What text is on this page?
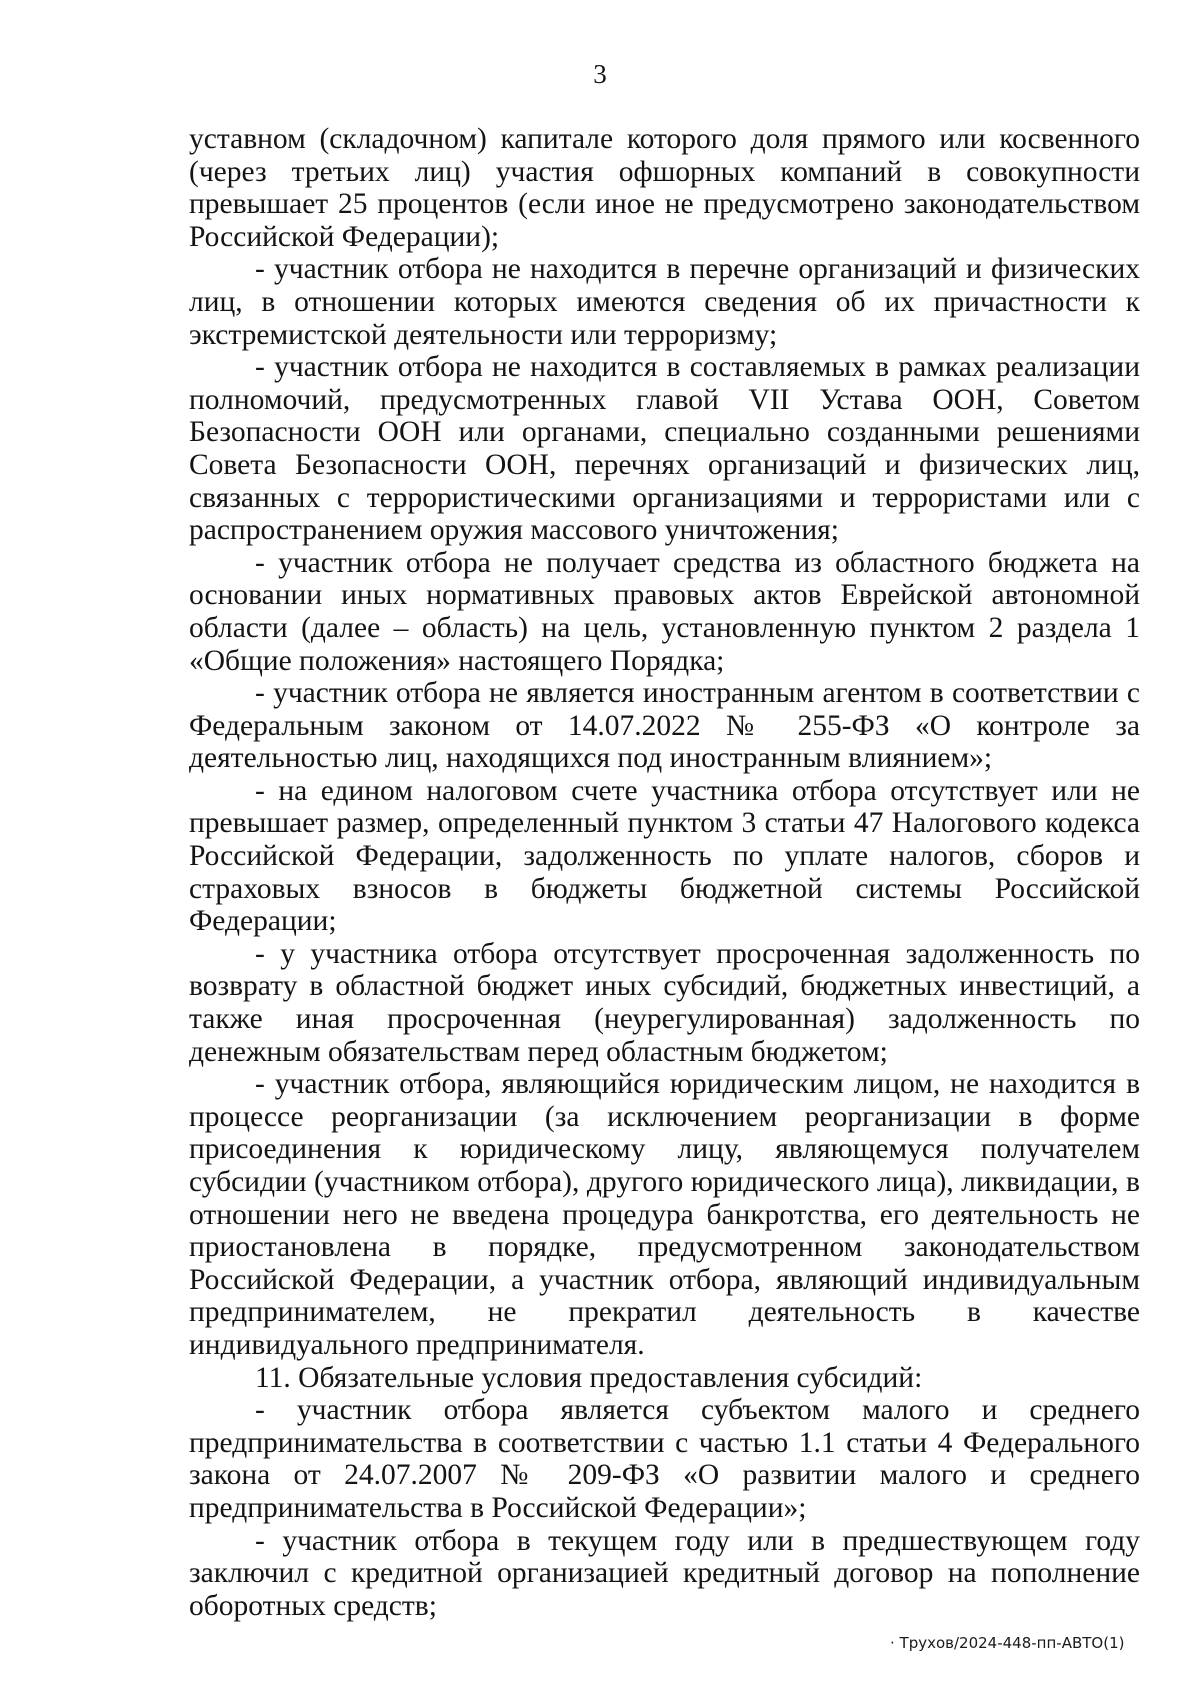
3

уставном (складочном) капитале которого доля прямого или косвенного (через третьих лиц) участия офшорных компаний в совокупности превышает 25 процентов (если иное не предусмотрено законодательством Российской Федерации);

- участник отбора не находится в перечне организаций и физических лиц, в отношении которых имеются сведения об их причастности к экстремистской деятельности или терроризму;

- участник отбора не находится в составляемых в рамках реализации полномочий, предусмотренных главой VII Устава ООН, Советом Безопасности ООН или органами, специально созданными решениями Совета Безопасности ООН, перечнях организаций и физических лиц, связанных с террористическими организациями и террористами или с распространением оружия массового уничтожения;

- участник отбора не получает средства из областного бюджета на основании иных нормативных правовых актов Еврейской автономной области (далее – область) на цель, установленную пунктом 2 раздела 1 «Общие положения» настоящего Порядка;

- участник отбора не является иностранным агентом в соответствии с Федеральным законом от 14.07.2022 № 255-ФЗ «О контроле за деятельностью лиц, находящихся под иностранным влиянием»;

- на едином налоговом счете участника отбора отсутствует или не превышает размер, определенный пунктом 3 статьи 47 Налогового кодекса Российской Федерации, задолженность по уплате налогов, сборов и страховых взносов в бюджеты бюджетной системы Российской Федерации;

- у участника отбора отсутствует просроченная задолженность по возврату в областной бюджет иных субсидий, бюджетных инвестиций, а также иная просроченная (неурегулированная) задолженность по денежным обязательствам перед областным бюджетом;

- участник отбора, являющийся юридическим лицом, не находится в процессе реорганизации (за исключением реорганизации в форме присоединения к юридическому лицу, являющемуся получателем субсидии (участником отбора), другого юридического лица), ликвидации, в отношении него не введена процедура банкротства, его деятельность не приостановлена в порядке, предусмотренном законодательством Российской Федерации, а участник отбора, являющий индивидуальным предпринимателем, не прекратил деятельность в качестве индивидуального предпринимателя.

11. Обязательные условия предоставления субсидий:

- участник отбора является субъектом малого и среднего предпринимательства в соответствии с частью 1.1 статьи 4 Федерального закона от 24.07.2007 № 209-ФЗ «О развитии малого и среднего предпринимательства в Российской Федерации»;

- участник отбора в текущем году или в предшествующем году заключил с кредитной организацией кредитный договор на пополнение оборотных средств;

· Трухов/2024-448-пп-АВТО(1)
